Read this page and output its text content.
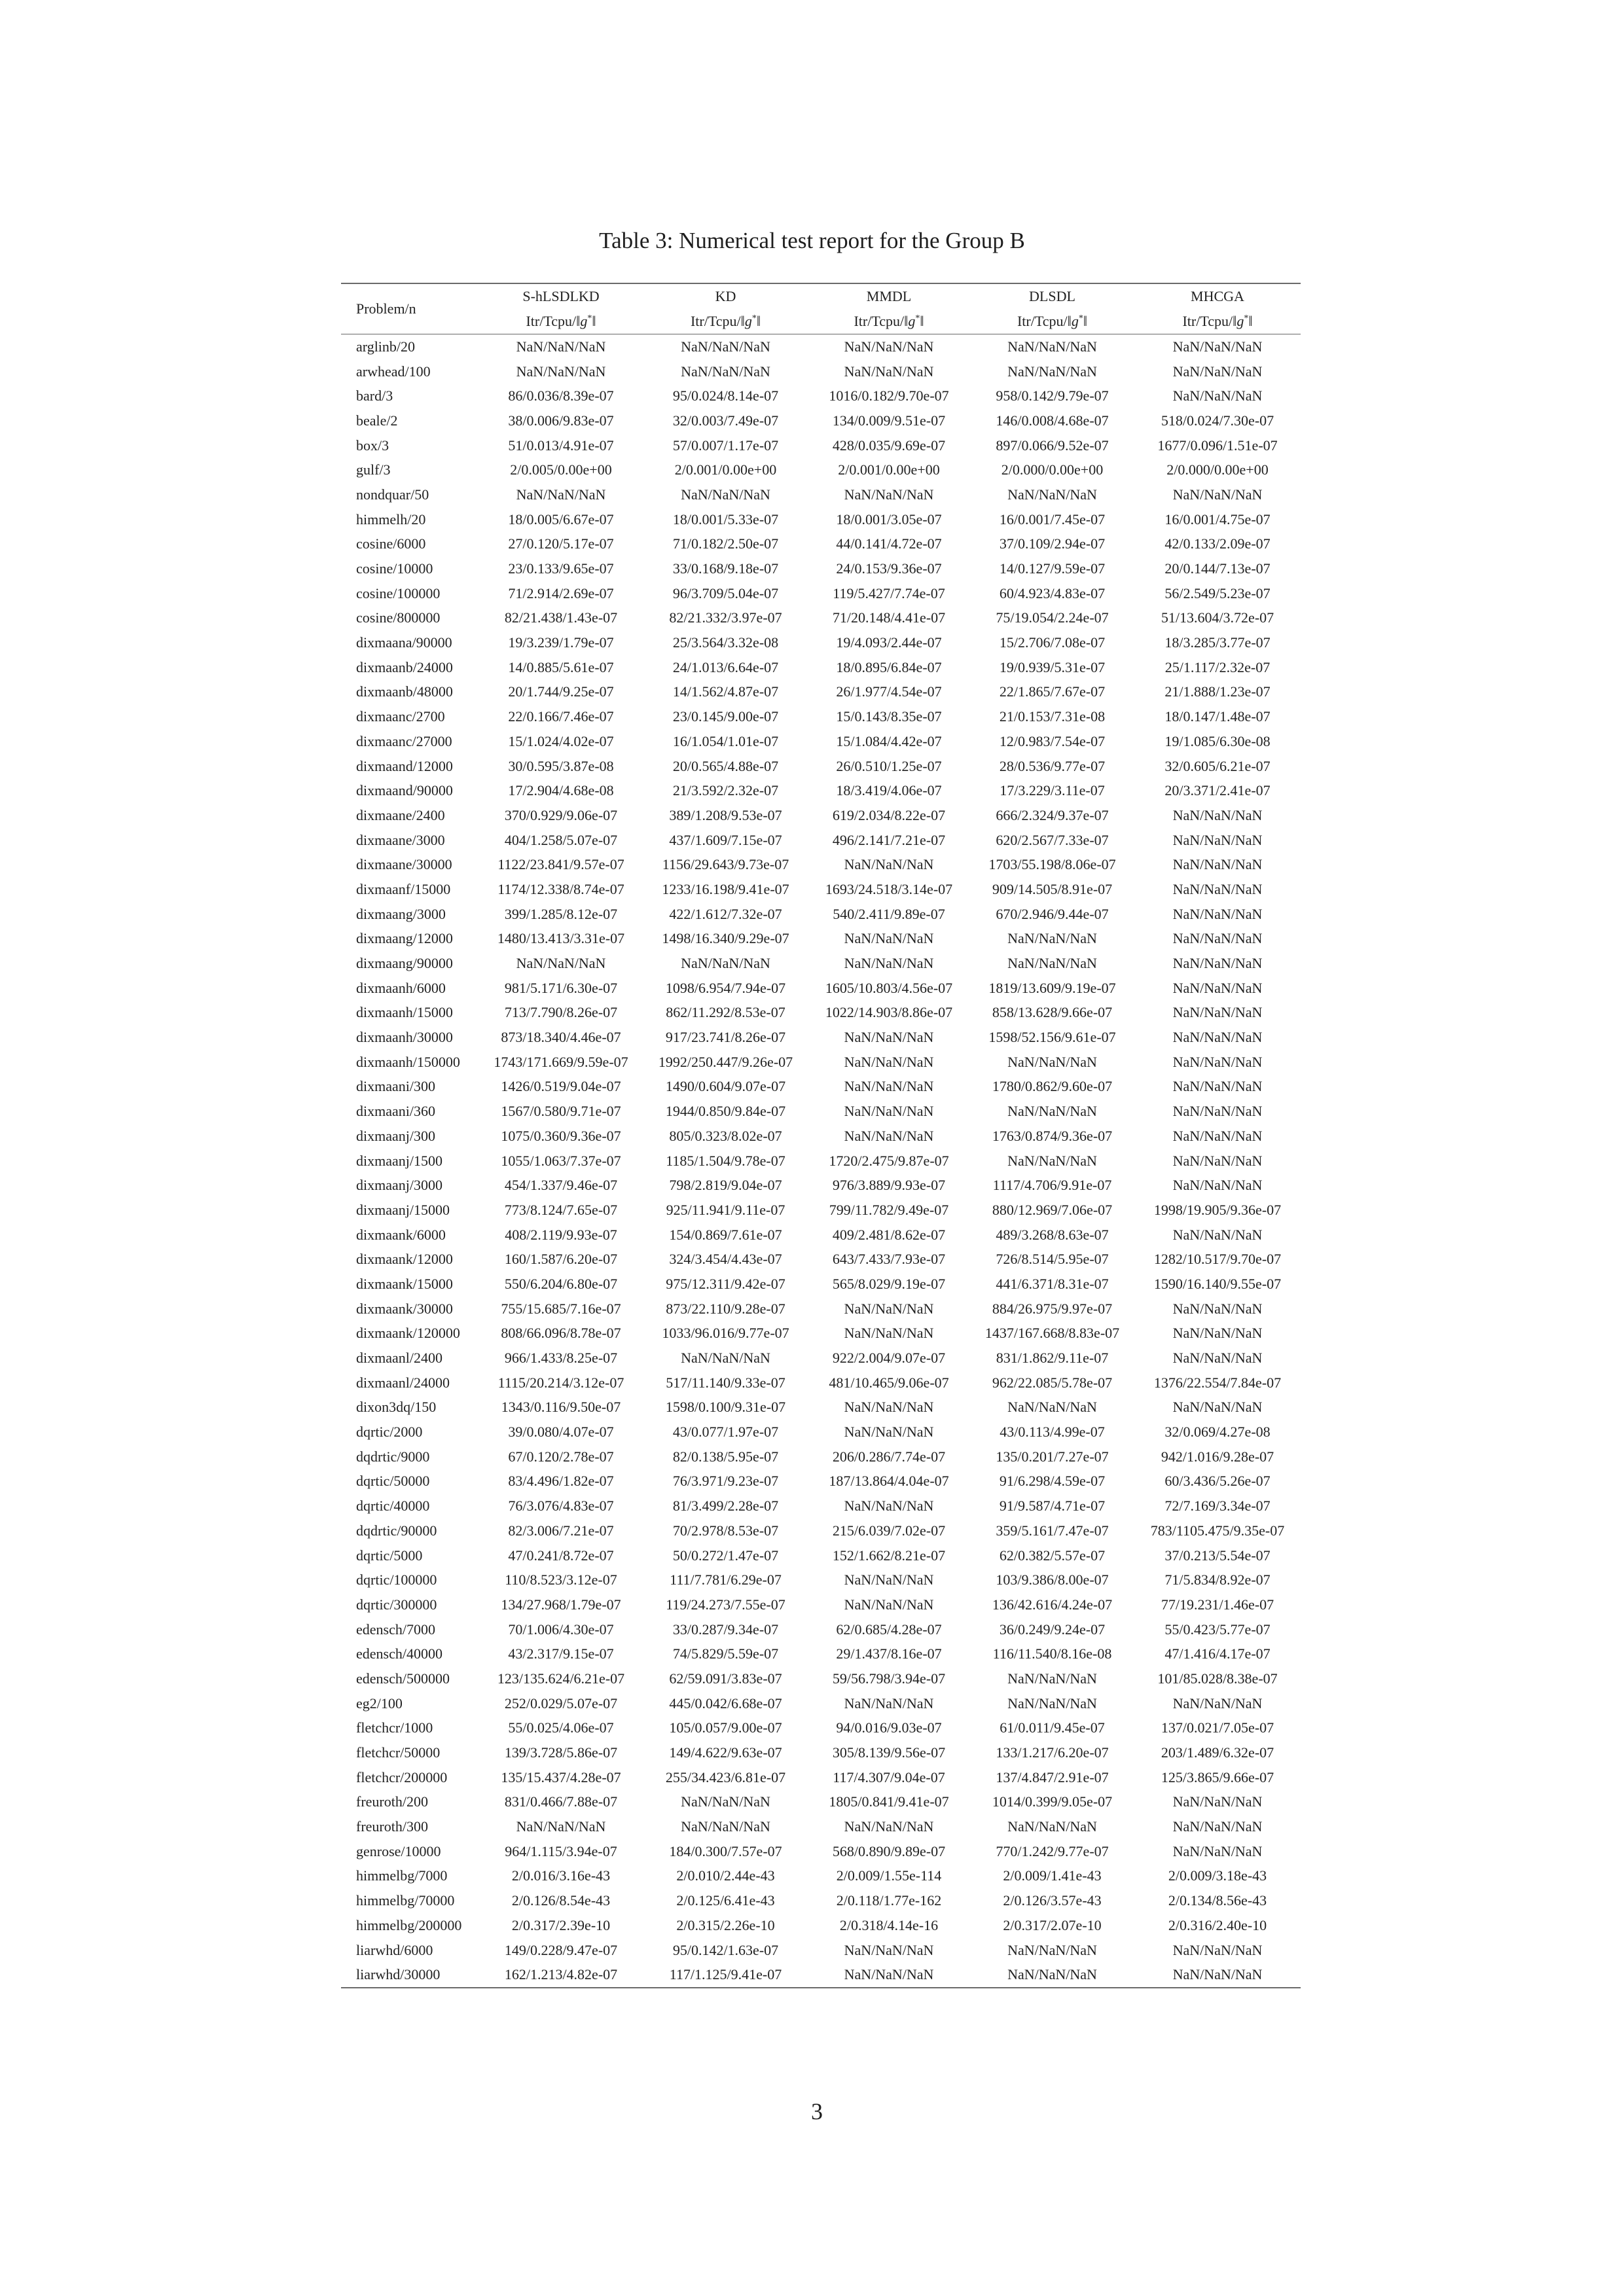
Table 3: Numerical test report for the Group B
Problem/n	S-hLSDLKD	KD	MMDL	DLSDL	MHCGA
	Itr/Tcpu/‖g*‖	Itr/Tcpu/‖g*‖	Itr/Tcpu/‖g*‖	Itr/Tcpu/‖g*‖	Itr/Tcpu/‖g*‖
arglinb/20	NaN/NaN/NaN	NaN/NaN/NaN	NaN/NaN/NaN	NaN/NaN/NaN	NaN/NaN/NaN
arwhead/100	NaN/NaN/NaN	NaN/NaN/NaN	NaN/NaN/NaN	NaN/NaN/NaN	NaN/NaN/NaN
bard/3	86/0.036/8.39e-07	95/0.024/8.14e-07	1016/0.182/9.70e-07	958/0.142/9.79e-07	NaN/NaN/NaN
beale/2	38/0.006/9.83e-07	32/0.003/7.49e-07	134/0.009/9.51e-07	146/0.008/4.68e-07	518/0.024/7.30e-07
box/3	51/0.013/4.91e-07	57/0.007/1.17e-07	428/0.035/9.69e-07	897/0.066/9.52e-07	1677/0.096/1.51e-07
gulf/3	2/0.005/0.00e+00	2/0.001/0.00e+00	2/0.001/0.00e+00	2/0.000/0.00e+00	2/0.000/0.00e+00
nondquar/50	NaN/NaN/NaN	NaN/NaN/NaN	NaN/NaN/NaN	NaN/NaN/NaN	NaN/NaN/NaN
himmelh/20	18/0.005/6.67e-07	18/0.001/5.33e-07	18/0.001/3.05e-07	16/0.001/7.45e-07	16/0.001/4.75e-07
cosine/6000	27/0.120/5.17e-07	71/0.182/2.50e-07	44/0.141/4.72e-07	37/0.109/2.94e-07	42/0.133/2.09e-07
cosine/10000	23/0.133/9.65e-07	33/0.168/9.18e-07	24/0.153/9.36e-07	14/0.127/9.59e-07	20/0.144/7.13e-07
cosine/100000	71/2.914/2.69e-07	96/3.709/5.04e-07	119/5.427/7.74e-07	60/4.923/4.83e-07	56/2.549/5.23e-07
cosine/800000	82/21.438/1.43e-07	82/21.332/3.97e-07	71/20.148/4.41e-07	75/19.054/2.24e-07	51/13.604/3.72e-07
dixmaana/90000	19/3.239/1.79e-07	25/3.564/3.32e-08	19/4.093/2.44e-07	15/2.706/7.08e-07	18/3.285/3.77e-07
dixmaanb/24000	14/0.885/5.61e-07	24/1.013/6.64e-07	18/0.895/6.84e-07	19/0.939/5.31e-07	25/1.117/2.32e-07
dixmaanb/48000	20/1.744/9.25e-07	14/1.562/4.87e-07	26/1.977/4.54e-07	22/1.865/7.67e-07	21/1.888/1.23e-07
dixmaanc/2700	22/0.166/7.46e-07	23/0.145/9.00e-07	15/0.143/8.35e-07	21/0.153/7.31e-08	18/0.147/1.48e-07
dixmaanc/27000	15/1.024/4.02e-07	16/1.054/1.01e-07	15/1.084/4.42e-07	12/0.983/7.54e-07	19/1.085/6.30e-08
dixmaand/12000	30/0.595/3.87e-08	20/0.565/4.88e-07	26/0.510/1.25e-07	28/0.536/9.77e-07	32/0.605/6.21e-07
dixmaand/90000	17/2.904/4.68e-08	21/3.592/2.32e-07	18/3.419/4.06e-07	17/3.229/3.11e-07	20/3.371/2.41e-07
dixmaane/2400	370/0.929/9.06e-07	389/1.208/9.53e-07	619/2.034/8.22e-07	666/2.324/9.37e-07	NaN/NaN/NaN
dixmaane/3000	404/1.258/5.07e-07	437/1.609/7.15e-07	496/2.141/7.21e-07	620/2.567/7.33e-07	NaN/NaN/NaN
dixmaane/30000	1122/23.841/9.57e-07	1156/29.643/9.73e-07	NaN/NaN/NaN	1703/55.198/8.06e-07	NaN/NaN/NaN
dixmaanf/15000	1174/12.338/8.74e-07	1233/16.198/9.41e-07	1693/24.518/3.14e-07	909/14.505/8.91e-07	NaN/NaN/NaN
dixmaang/3000	399/1.285/8.12e-07	422/1.612/7.32e-07	540/2.411/9.89e-07	670/2.946/9.44e-07	NaN/NaN/NaN
dixmaang/12000	1480/13.413/3.31e-07	1498/16.340/9.29e-07	NaN/NaN/NaN	NaN/NaN/NaN	NaN/NaN/NaN
dixmaang/90000	NaN/NaN/NaN	NaN/NaN/NaN	NaN/NaN/NaN	NaN/NaN/NaN	NaN/NaN/NaN
dixmaanh/6000	981/5.171/6.30e-07	1098/6.954/7.94e-07	1605/10.803/4.56e-07	1819/13.609/9.19e-07	NaN/NaN/NaN
dixmaanh/15000	713/7.790/8.26e-07	862/11.292/8.53e-07	1022/14.903/8.86e-07	858/13.628/9.66e-07	NaN/NaN/NaN
dixmaanh/30000	873/18.340/4.46e-07	917/23.741/8.26e-07	NaN/NaN/NaN	1598/52.156/9.61e-07	NaN/NaN/NaN
dixmaanh/150000	1743/171.669/9.59e-07	1992/250.447/9.26e-07	NaN/NaN/NaN	NaN/NaN/NaN	NaN/NaN/NaN
dixmaani/300	1426/0.519/9.04e-07	1490/0.604/9.07e-07	NaN/NaN/NaN	1780/0.862/9.60e-07	NaN/NaN/NaN
dixmaani/360	1567/0.580/9.71e-07	1944/0.850/9.84e-07	NaN/NaN/NaN	NaN/NaN/NaN	NaN/NaN/NaN
dixmaanj/300	1075/0.360/9.36e-07	805/0.323/8.02e-07	NaN/NaN/NaN	1763/0.874/9.36e-07	NaN/NaN/NaN
dixmaanj/1500	1055/1.063/7.37e-07	1185/1.504/9.78e-07	1720/2.475/9.87e-07	NaN/NaN/NaN	NaN/NaN/NaN
dixmaanj/3000	454/1.337/9.46e-07	798/2.819/9.04e-07	976/3.889/9.93e-07	1117/4.706/9.91e-07	NaN/NaN/NaN
dixmaanj/15000	773/8.124/7.65e-07	925/11.941/9.11e-07	799/11.782/9.49e-07	880/12.969/7.06e-07	1998/19.905/9.36e-07
dixmaank/6000	408/2.119/9.93e-07	154/0.869/7.61e-07	409/2.481/8.62e-07	489/3.268/8.63e-07	NaN/NaN/NaN
dixmaank/12000	160/1.587/6.20e-07	324/3.454/4.43e-07	643/7.433/7.93e-07	726/8.514/5.95e-07	1282/10.517/9.70e-07
dixmaank/15000	550/6.204/6.80e-07	975/12.311/9.42e-07	565/8.029/9.19e-07	441/6.371/8.31e-07	1590/16.140/9.55e-07
dixmaank/30000	755/15.685/7.16e-07	873/22.110/9.28e-07	NaN/NaN/NaN	884/26.975/9.97e-07	NaN/NaN/NaN
dixmaank/120000	808/66.096/8.78e-07	1033/96.016/9.77e-07	NaN/NaN/NaN	1437/167.668/8.83e-07	NaN/NaN/NaN
dixmaanl/2400	966/1.433/8.25e-07	NaN/NaN/NaN	922/2.004/9.07e-07	831/1.862/9.11e-07	NaN/NaN/NaN
dixmaanl/24000	1115/20.214/3.12e-07	517/11.140/9.33e-07	481/10.465/9.06e-07	962/22.085/5.78e-07	1376/22.554/7.84e-07
dixon3dq/150	1343/0.116/9.50e-07	1598/0.100/9.31e-07	NaN/NaN/NaN	NaN/NaN/NaN	NaN/NaN/NaN
dqrtic/2000	39/0.080/4.07e-07	43/0.077/1.97e-07	NaN/NaN/NaN	43/0.113/4.99e-07	32/0.069/4.27e-08
dqdrtic/9000	67/0.120/2.78e-07	82/0.138/5.95e-07	206/0.286/7.74e-07	135/0.201/7.27e-07	942/1.016/9.28e-07
dqrtic/50000	83/4.496/1.82e-07	76/3.971/9.23e-07	187/13.864/4.04e-07	91/6.298/4.59e-07	60/3.436/5.26e-07
dqrtic/40000	76/3.076/4.83e-07	81/3.499/2.28e-07	NaN/NaN/NaN	91/9.587/4.71e-07	72/7.169/3.34e-07
dqdrtic/90000	82/3.006/7.21e-07	70/2.978/8.53e-07	215/6.039/7.02e-07	359/5.161/7.47e-07	783/1105.475/9.35e-07
dqrtic/5000	47/0.241/8.72e-07	50/0.272/1.47e-07	152/1.662/8.21e-07	62/0.382/5.57e-07	37/0.213/5.54e-07
dqrtic/100000	110/8.523/3.12e-07	111/7.781/6.29e-07	NaN/NaN/NaN	103/9.386/8.00e-07	71/5.834/8.92e-07
dqrtic/300000	134/27.968/1.79e-07	119/24.273/7.55e-07	NaN/NaN/NaN	136/42.616/4.24e-07	77/19.231/1.46e-07
edensch/7000	70/1.006/4.30e-07	33/0.287/9.34e-07	62/0.685/4.28e-07	36/0.249/9.24e-07	55/0.423/5.77e-07
edensch/40000	43/2.317/9.15e-07	74/5.829/5.59e-07	29/1.437/8.16e-07	116/11.540/8.16e-08	47/1.416/4.17e-07
edensch/500000	123/135.624/6.21e-07	62/59.091/3.83e-07	59/56.798/3.94e-07	NaN/NaN/NaN	101/85.028/8.38e-07
eg2/100	252/0.029/5.07e-07	445/0.042/6.68e-07	NaN/NaN/NaN	NaN/NaN/NaN	NaN/NaN/NaN
fletchcr/1000	55/0.025/4.06e-07	105/0.057/9.00e-07	94/0.016/9.03e-07	61/0.011/9.45e-07	137/0.021/7.05e-07
fletchcr/50000	139/3.728/5.86e-07	149/4.622/9.63e-07	305/8.139/9.56e-07	133/1.217/6.20e-07	203/1.489/6.32e-07
fletchcr/200000	135/15.437/4.28e-07	255/34.423/6.81e-07	117/4.307/9.04e-07	137/4.847/2.91e-07	125/3.865/9.66e-07
freuroth/200	831/0.466/7.88e-07	NaN/NaN/NaN	1805/0.841/9.41e-07	1014/0.399/9.05e-07	NaN/NaN/NaN
freuroth/300	NaN/NaN/NaN	NaN/NaN/NaN	NaN/NaN/NaN	NaN/NaN/NaN	NaN/NaN/NaN
genrose/10000	964/1.115/3.94e-07	184/0.300/7.57e-07	568/0.890/9.89e-07	770/1.242/9.77e-07	NaN/NaN/NaN
himmelbg/7000	2/0.016/3.16e-43	2/0.010/2.44e-43	2/0.009/1.55e-114	2/0.009/1.41e-43	2/0.009/3.18e-43
himmelbg/70000	2/0.126/8.54e-43	2/0.125/6.41e-43	2/0.118/1.77e-162	2/0.126/3.57e-43	2/0.134/8.56e-43
himmelbg/200000	2/0.317/2.39e-10	2/0.315/2.26e-10	2/0.318/4.14e-16	2/0.317/2.07e-10	2/0.316/2.40e-10
liarwhd/6000	149/0.228/9.47e-07	95/0.142/1.63e-07	NaN/NaN/NaN	NaN/NaN/NaN	NaN/NaN/NaN
liarwhd/30000	162/1.213/4.82e-07	117/1.125/9.41e-07	NaN/NaN/NaN	NaN/NaN/NaN	NaN/NaN/NaN
3
